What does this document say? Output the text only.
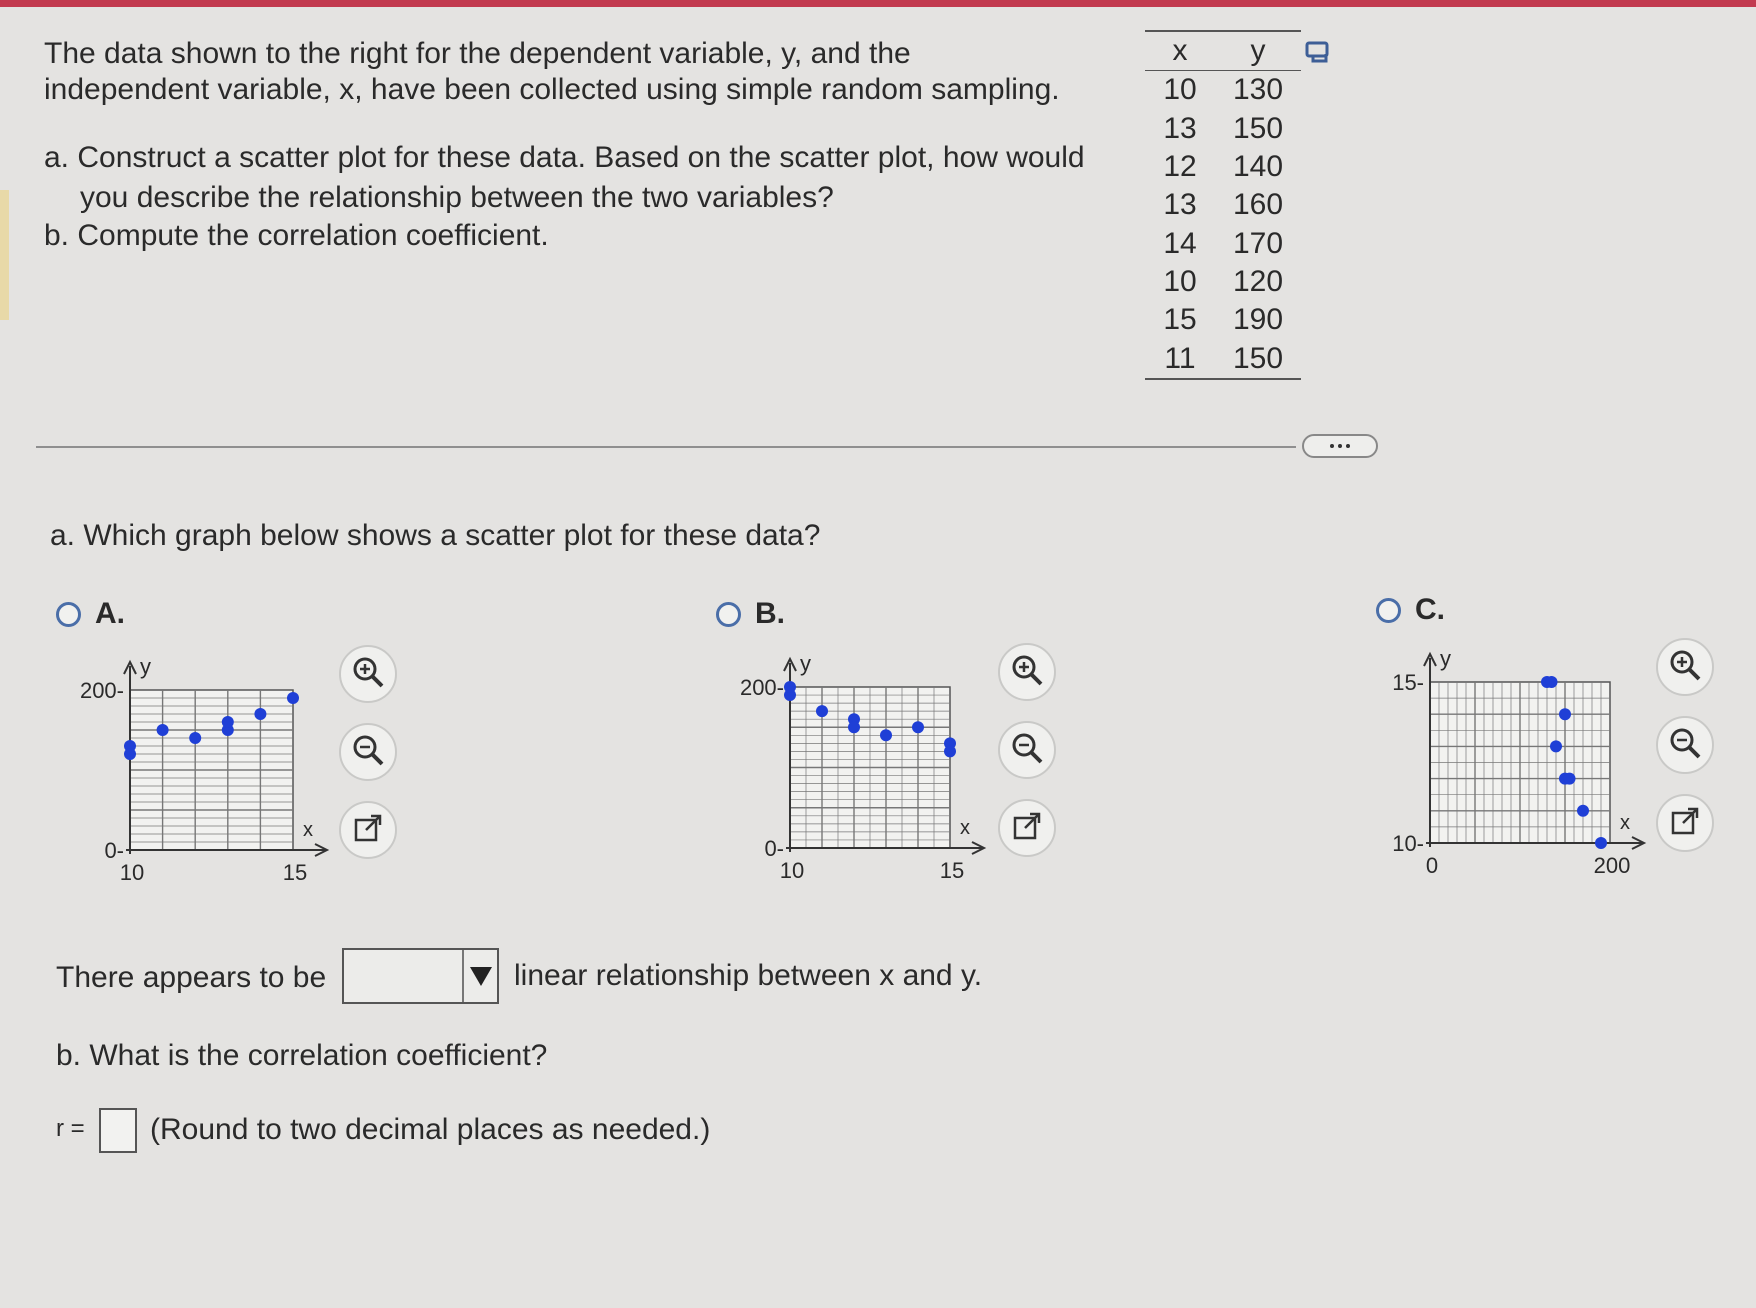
The data shown to the right for the dependent variable, y, and the
independent variable, x, have been collected using simple random sampling.
a. Construct a scatter plot for these data. Based on the scatter plot, how would
you describe the relationship between the two variables?
b. Compute the correlation coefficient.
x	y
10	130
13	150
12	140
13	160
14	170
10	120
15	190
11	150
a. Which graph below shows a scatter plot for these data?
A.	B.	C.
y
x
200-
0-
10	15
y
x
200-
0-
10	15
y
x
15-
10-
0	200
There appears to be	linear relationship between x and y.
b. What is the correlation coefficient?
r = (Round to two decimal places as needed.)
